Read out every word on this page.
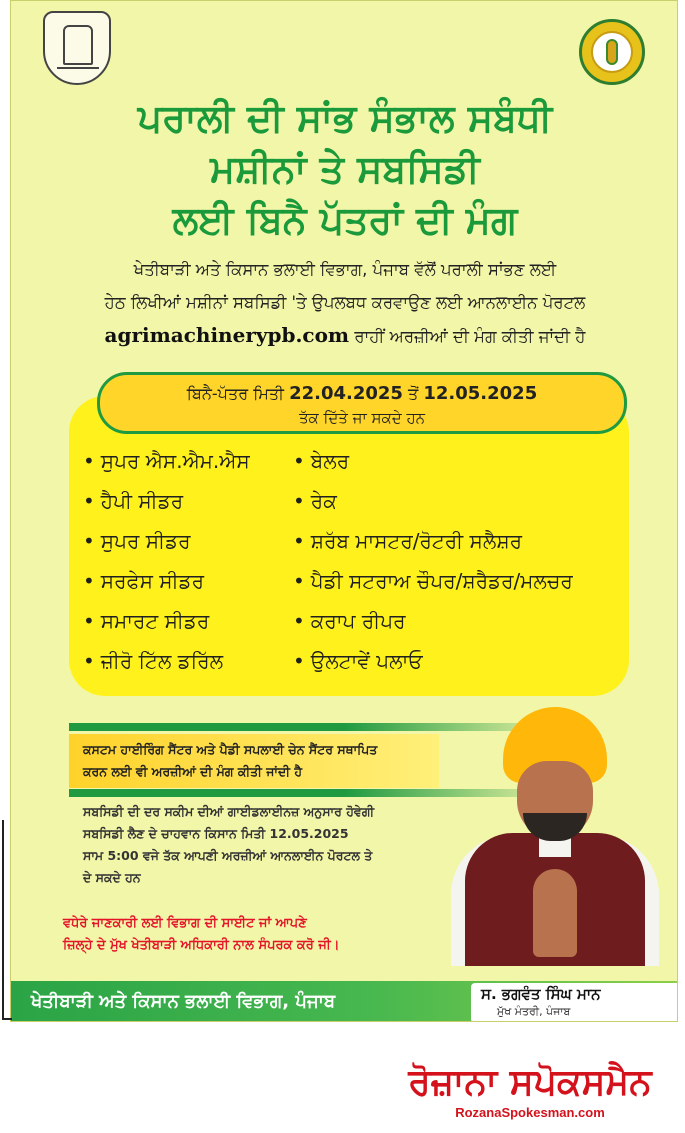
ਪਰਾਲੀ ਦੀ ਸਾਂਭ ਸੰਭਾਲ ਸਬੰਧੀ
ਮਸ਼ੀਨਾਂ ਤੇ ਸਬਸਿਡੀ
ਲਈ ਬਿਨੈ ਪੱਤਰਾਂ ਦੀ ਮੰਗ
ਖੇਤੀਬਾੜੀ ਅਤੇ ਕਿਸਾਨ ਭਲਾਈ ਵਿਭਾਗ, ਪੰਜਾਬ ਵੱਲੋਂ ਪਰਾਲੀ ਸਾਂਭਣ ਲਈ
ਹੇਠ ਲਿਖੀਆਂ ਮਸ਼ੀਨਾਂ ਸਬਸਿਡੀ 'ਤੇ ਉਪਲਬਧ ਕਰਵਾਉਣ ਲਈ ਆਨਲਾਈਨ ਪੋਰਟਲ
agrimachinerypb.com ਰਾਹੀਂ ਅਰਜ਼ੀਆਂ ਦੀ ਮੰਗ ਕੀਤੀ ਜਾਂਦੀ ਹੈ
ਬਿਨੈ-ਪੱਤਰ ਮਿਤੀ 22.04.2025 ਤੋਂ 12.05.2025
ਤੱਕ ਦਿੱਤੇ ਜਾ ਸਕਦੇ ਹਨ
• ਸੁਪਰ ਐਸ.ਐਮ.ਐਸ
• ਹੈਪੀ ਸੀਡਰ
• ਸੁਪਰ ਸੀਡਰ
• ਸਰਫੇਸ ਸੀਡਰ
• ਸਮਾਰਟ ਸੀਡਰ
• ਜ਼ੀਰੋ ਟਿੱਲ ਡਰਿੱਲ
• ਬੇਲਰ
• ਰੇਕ
• ਸ਼ਰੱਬ ਮਾਸਟਰ/ਰੋਟਰੀ ਸਲੈਸ਼ਰ
• ਪੈਡੀ ਸਟਰਾਅ ਚੌਪਰ/ਸ਼ਰੈਡਰ/ਮਲਚਰ
• ਕਰਾਪ ਰੀਪਰ
• ਉਲਟਾਵੇਂ ਪਲਾਓ
ਕਸਟਮ ਹਾਈਰਿੰਗ ਸੈਂਟਰ ਅਤੇ ਪੈਡੀ ਸਪਲਾਈ ਚੇਨ ਸੈਂਟਰ ਸਥਾਪਿਤ
ਕਰਨ ਲਈ ਵੀ ਅਰਜ਼ੀਆਂ ਦੀ ਮੰਗ ਕੀਤੀ ਜਾਂਦੀ ਹੈ
ਸਬਸਿਡੀ ਦੀ ਦਰ ਸਕੀਮ ਦੀਆਂ ਗਾਈਡਲਾਈਨਜ਼ ਅਨੁਸਾਰ ਹੋਵੇਗੀ
ਸਬਸਿਡੀ ਲੈਣ ਦੇ ਚਾਹਵਾਨ ਕਿਸਾਨ ਮਿਤੀ 12.05.2025
ਸਾਮ 5:00 ਵਜੇ ਤੱਕ ਆਪਣੀ ਅਰਜ਼ੀਆਂ ਆਨਲਾਈਨ ਪੋਰਟਲ ਤੇ
ਦੇ ਸਕਦੇ ਹਨ
ਵਧੇਰੇ ਜਾਣਕਾਰੀ ਲਈ ਵਿਭਾਗ ਦੀ ਸਾਈਟ ਜਾਂ ਆਪਣੇ
ਜ਼ਿਲ੍ਹੇ ਦੇ ਮੁੱਖ ਖੇਤੀਬਾੜੀ ਅਧਿਕਾਰੀ ਨਾਲ ਸੰਪਰਕ ਕਰੋ ਜੀ।
ਖੇਤੀਬਾੜੀ ਅਤੇ ਕਿਸਾਨ ਭਲਾਈ ਵਿਭਾਗ, ਪੰਜਾਬ	ਸ. ਭਗਵੰਤ ਸਿੰਘ ਮਾਨ
ਮੁੱਖ ਮੰਤਰੀ, ਪੰਜਾਬ
ਰੋਜ਼ਾਨਾ ਸਪੋਕਸਮੈਨ
RozanaSpokesman.com
